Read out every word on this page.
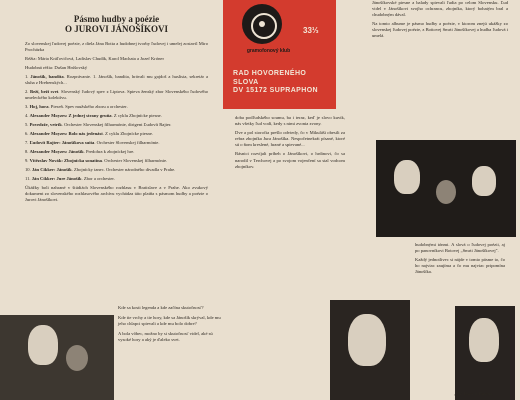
Pásmo hudby a poézie
O JUROVI JÁNOŠÍKOVI

Zo slovenskej ľudovej poézie, z diela Jána Botta a hudobnej tvorby ľudovej i umelej zostavil Miro Procházka

Réžia: Mária Kráľovičová, Ladislav Chudík, Karol Machata a Jozef Króner

Hudobná réžia: Dušan Hrúšovský

1. Jánošík, bandita. Rozprávanie. 1. Jánošík, bandita, hrávali mu gajdoš a huslista, sekretár a sluha z Hrebenských...

2. Beží, beží svet. Slovenský ľudový spev z Liptova. Spieva ženský zbor Slovenského ľudového umeleckého kolektívu.

3. Hoj, hora. Pieseň. Spev mužského zboru a orchester.

4. Alexander Moyzes: Z jednej strany gruňa. Z cyklu Zbojnícke piesne.

5. Povedzže, vetrík. Orchester Slovenskej filharmónie, dirigent Ľudovít Rajter.

6. Alexander Moyzes: Bolo nás jedenást. Z cyklu Zbojnícke piesne.

7. Ľudovít Rajter: Jánošíkova suita. Orchester Slovenskej filharmónie.

8. Alexander Moyzes: Jánošík. Predohra k zbojníckej hre.

9. Vítězslav Novák: Zbojnícka sonatína. Orchester Slovenskej filharmónie.

10. Ján Cikker: Jánošík. Zbojnícky tanec. Orchester národného divadla v Prahe.

11. Ján Cikker: Jure Jánošík. Zbor a orchester.

Úkážky boli nahrané v štúdiách Slovenského rozhlasu v Bratislave a v Prahe. Ako zvukový dokument zo slovenského rozhlasového archívu vychádza táto platňa s pásmom hudby a poézie o Jurovi Jánošíkovi.

33⅓
gramofonový klub
RAD HOVORENÉHO
SLOVA
DV 15172 SUPRAPHON

doba podľudského soumu, ba i teraz, keď je slovo kuvik, nás všetky ľud vodí, kedy s nimi zvonia zvony.

Dve a pol storočia prešlo odvtedy, čo v Mikuláši obesili za rebra zbojníka Jura Jánošíka. Nespočetnekrát písané, ktoré sú o ňom kreslené, hrané a spievané...

Básnici rozvíjali príbeh o Jánošíkovi, o hrdinovi, čo sa narodil v Terchovej a po svojom vojenčení sa stal vodcom zbojníkov.

Jánošíkovské piesne a balady spievali ľudia po celom Slovensku. Ľud videl v Jánošíkovi svojho ochrancu, zbojníka, ktorý bohatým bral a chudobným dával.

Na tomto albume je pásmo hudby a poézie, v ktorom znejú ukážky zo slovenskej ľudovej poézie, z Bottovej Smrti Jánošíkovej a hudba ľudová i umelá.

hudobnými tónmi. A slová o ľudovej poézii, aj po panovníkovi Botovej „Smrti Jánošíkovej".

Každý jednotlivec si nájde v tomto pásme to, čo ho najviac zaujíma a čo mu najviac pripomína Jánošíka.

Kde sa kosti legenda a kde začína skutočnosť?

Kde tie vrchy a tie hory, kde sa Jánošík skrýval, kde mu jeho chlapci spievali a kde mu bolo dobre?

A bola vôbec, možno by si skutočnosť videl, aké sú vysoké hory a aký je ďaleko svet.

„Od Tatier k Dunaju,
